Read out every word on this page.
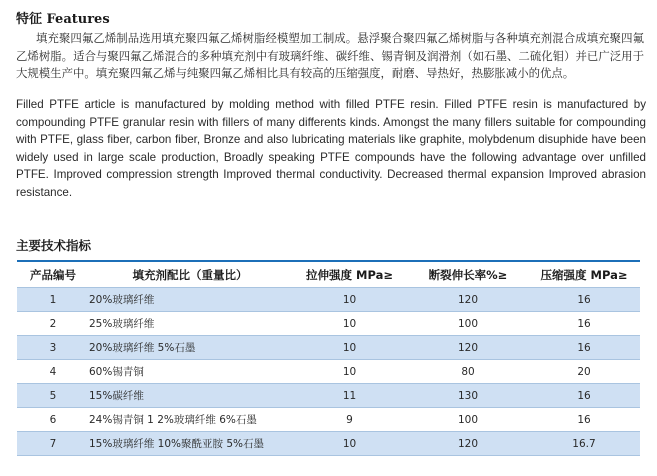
特征 Features

填充聚四氟乙烯制品选用填充聚四氟乙烯树脂经模塑加工制成。悬浮聚合聚四氟乙烯树脂与各种填充剂混合成填充聚四氟乙烯树脂。适合与聚四氟乙烯混合的多种填充剂中有玻璃纤维、碳纤维、锡青铜及润滑剂（如石墨、二硫化钼）并已广泛用于大规模生产中。填充聚四氟乙烯与纯聚四氟乙烯相比具有较高的压缩强度，耐磨、导热好，热膨胀减小的优点。

Filled PTFE article is manufactured by molding method with filled PTFE resin. Filled PTFE resin is manufactured by compounding PTFE granular resin with fillers of many differents kinds. Amongst the many fillers suitable for compounding with PTFE, glass fiber, carbon fiber, Bronze and also lubricating materials like graphite, molybdenum disuphide have been widely used in large scale production, Broadly speaking PTFE compounds have the following advantage over unfilled PTFE. Improved compression strength Improved thermal conductivity. Decreased thermal expansion Improved abrasion resistance.

主要技术指标
产品编号	填充剂配比（重量比）	拉伸强度 MPa≥	断裂伸长率%≥	压缩强度 MPa≥
1	20%玻璃纤维	10	120	16
2	25%玻璃纤维	10	100	16
3	20%玻璃纤维 5%石墨	10	120	16
4	60%锡青铜	10	80	20
5	15%碳纤维	11	130	16
6	24%锡青铜 1 2%玻璃纤维 6%石墨	9	100	16
7	15%玻璃纤维 10%聚酰亚胺 5%石墨	10	120	16.7
